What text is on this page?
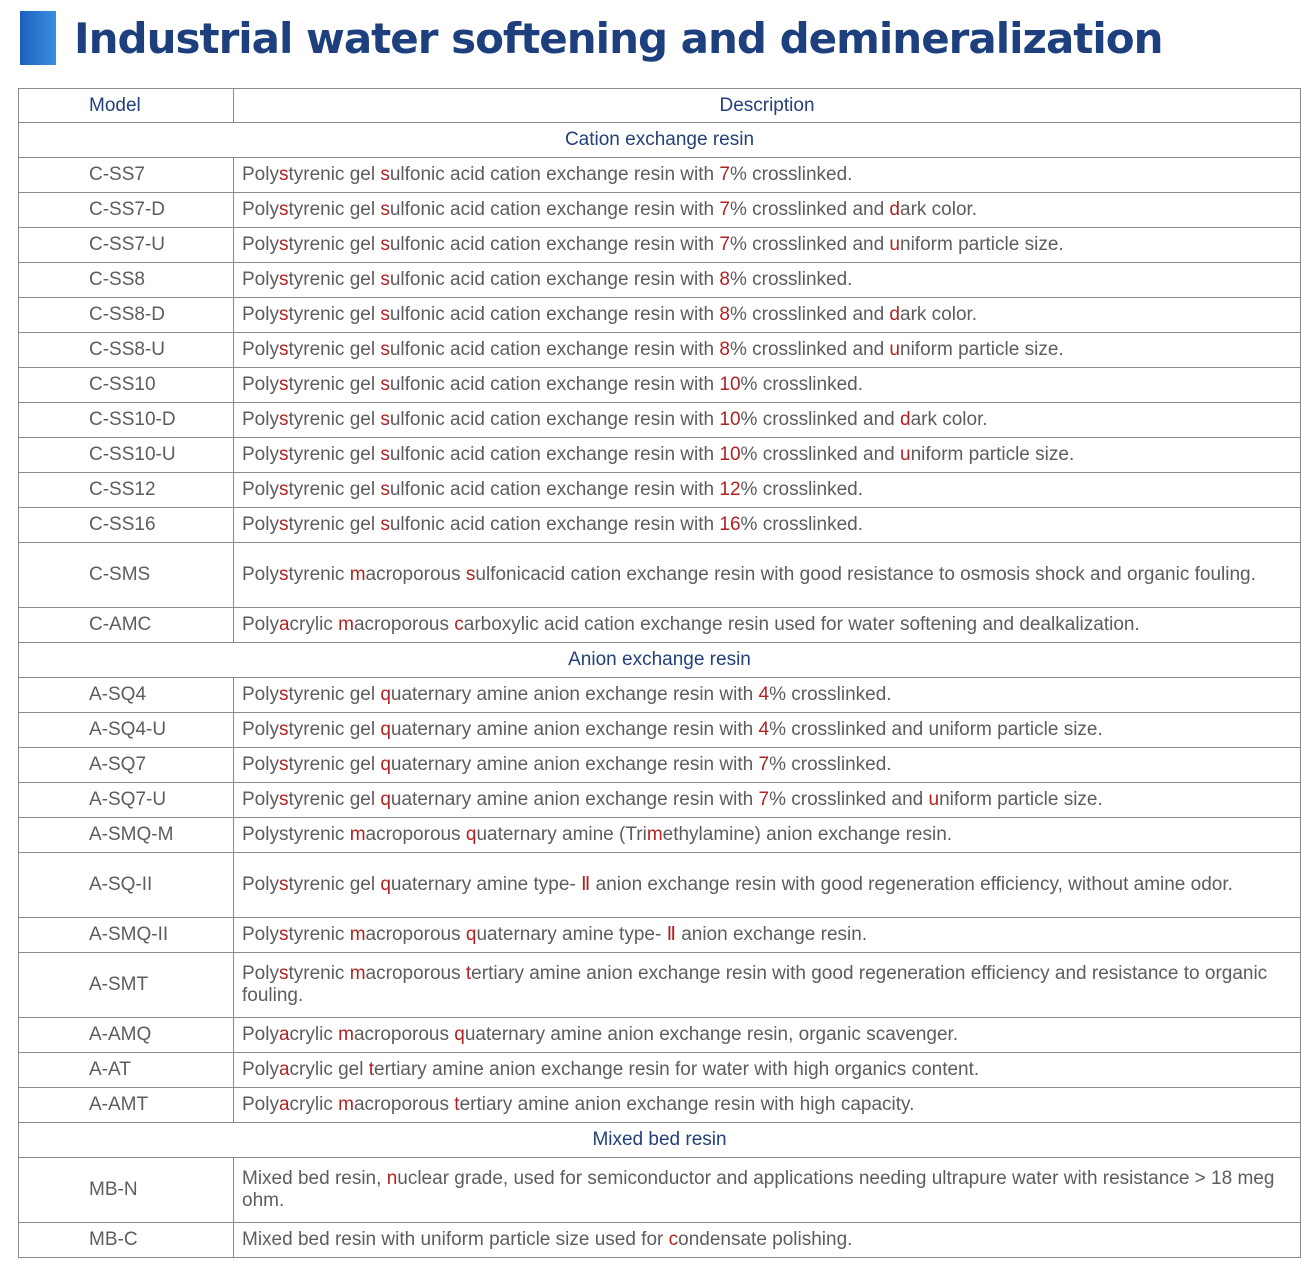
Industrial water softening and demineralization
Model	Description
Cation exchange resin	
C-SS7	Polystyrenic gel sulfonic acid cation exchange resin with 7% crosslinked.
C-SS7-D	Polystyrenic gel sulfonic acid cation exchange resin with 7% crosslinked and dark color.
C-SS7-U	Polystyrenic gel sulfonic acid cation exchange resin with 7% crosslinked and uniform particle size.
C-SS8	Polystyrenic gel sulfonic acid cation exchange resin with 8% crosslinked.
C-SS8-D	Polystyrenic gel sulfonic acid cation exchange resin with 8% crosslinked and dark color.
C-SS8-U	Polystyrenic gel sulfonic acid cation exchange resin with 8% crosslinked and uniform particle size.
C-SS10	Polystyrenic gel sulfonic acid cation exchange resin with 10% crosslinked.
C-SS10-D	Polystyrenic gel sulfonic acid cation exchange resin with 10% crosslinked and dark color.
C-SS10-U	Polystyrenic gel sulfonic acid cation exchange resin with 10% crosslinked and uniform particle size.
C-SS12	Polystyrenic gel sulfonic acid cation exchange resin with 12% crosslinked.
C-SS16	Polystyrenic gel sulfonic acid cation exchange resin with 16% crosslinked.
C-SMS	Polystyrenic macroporous sulfonicacid cation exchange resin with good resistance to osmosis shock and organic fouling.
C-AMC	Polyacrylic macroporous carboxylic acid cation exchange resin used for water softening and dealkalization.
Anion exchange resin	
A-SQ4	Polystyrenic gel quaternary amine anion exchange resin with 4% crosslinked.
A-SQ4-U	Polystyrenic gel quaternary amine anion exchange resin with 4% crosslinked and uniform particle size.
A-SQ7	Polystyrenic gel quaternary amine anion exchange resin with 7% crosslinked.
A-SQ7-U	Polystyrenic gel quaternary amine anion exchange resin with 7% crosslinked and uniform particle size.
A-SMQ-M	Polystyrenic macroporous quaternary amine (Trimethylamine) anion exchange resin.
A-SQ-II	Polystyrenic gel quaternary amine type- Ⅱ anion exchange resin with good regeneration efficiency, without amine odor.
A-SMQ-II	Polystyrenic macroporous quaternary amine type- Ⅱ anion exchange resin.
A-SMT	Polystyrenic macroporous tertiary amine anion exchange resin with good regeneration efficiency and resistance to organic fouling.
A-AMQ	Polyacrylic macroporous quaternary amine anion exchange resin, organic scavenger.
A-AT	Polyacrylic gel tertiary amine anion exchange resin for water with high organics content.
A-AMT	Polyacrylic macroporous tertiary amine anion exchange resin with high capacity.
Mixed bed resin	
MB-N	Mixed bed resin, nuclear grade, used for semiconductor and applications needing ultrapure water with resistance > 18 meg ohm.
MB-C	Mixed bed resin with uniform particle size used for condensate polishing.
